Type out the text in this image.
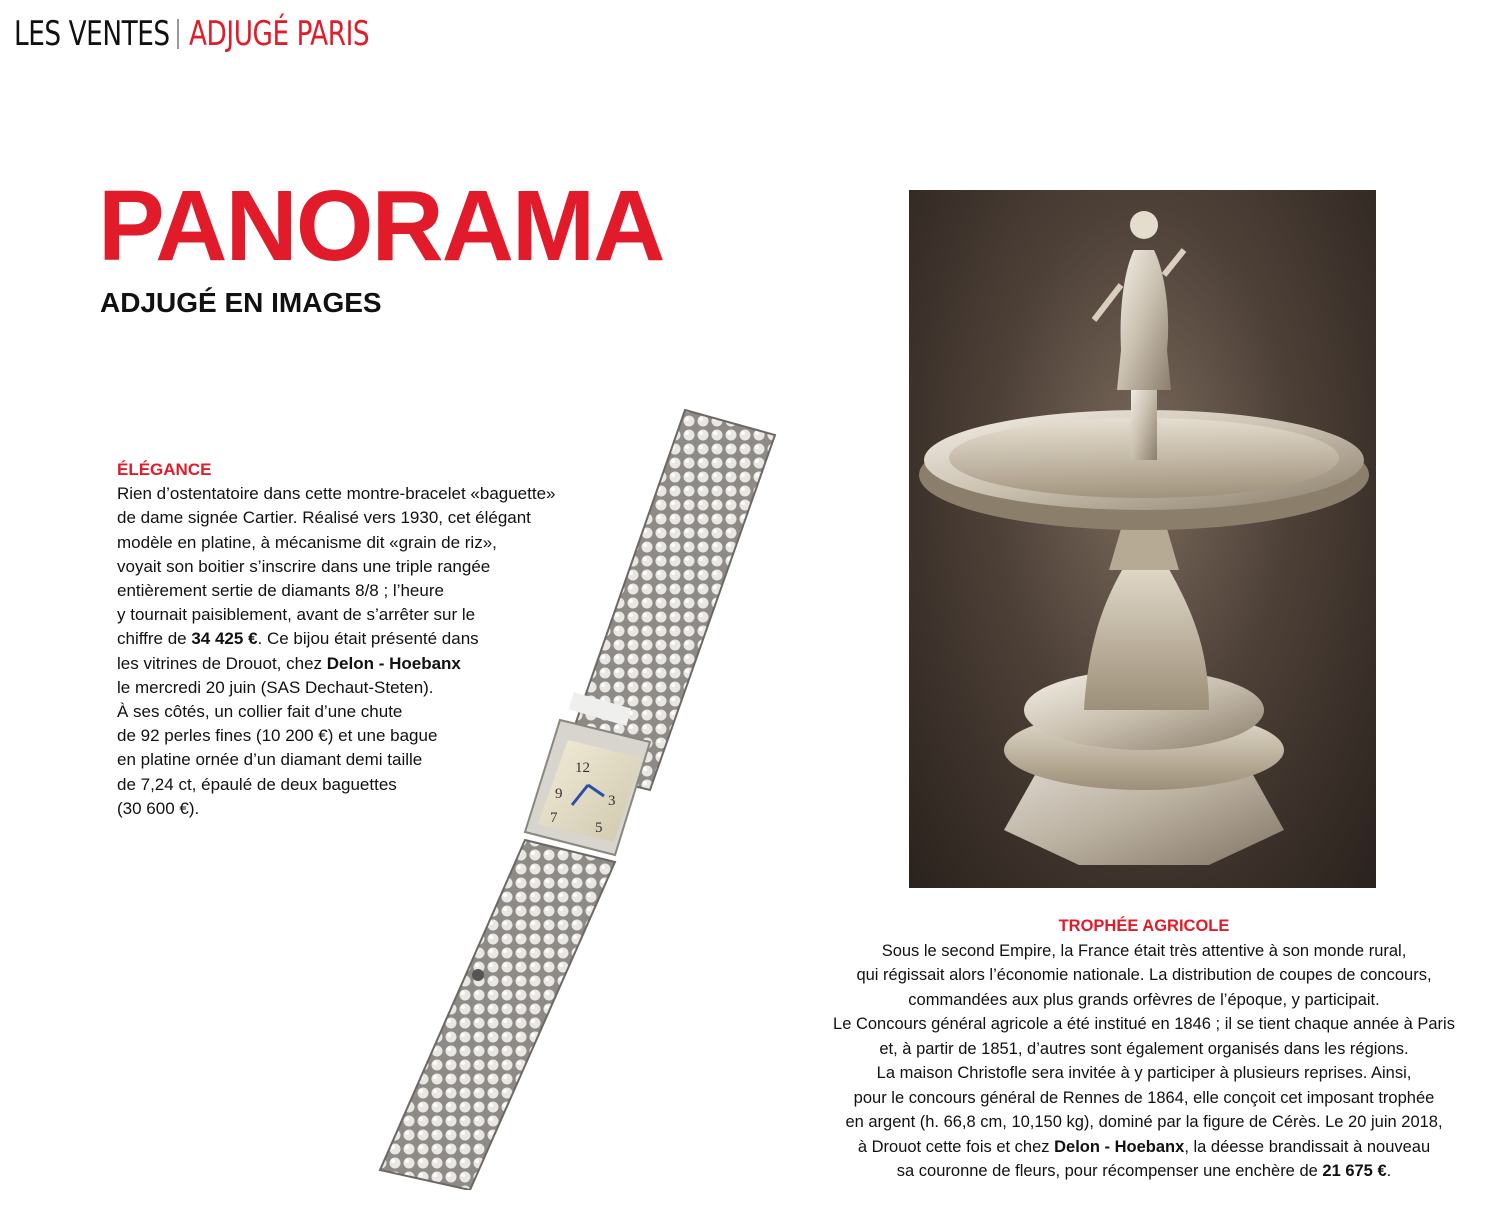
LES VENTES ADJUGÉ PARIS
PANORAMA
ADJUGÉ EN IMAGES
12
9	3
7
5
ÉLÉGANCE
Rien d’ostentatoire dans cette montre-bracelet «baguette»
de dame signée Cartier. Réalisé vers 1930, cet élégant
modèle en platine, à mécanisme dit «grain de riz»,
voyait son boitier s’inscrire dans une triple rangée
entièrement sertie de diamants 8/8 ; l’heure
y tournait paisiblement, avant de s’arrêter sur le
chiffre de 34 425 €. Ce bijou était présenté dans
les vitrines de Drouot, chez Delon - Hoebanx
le mercredi 20 juin (SAS Dechaut-Steten).
À ses côtés, un collier fait d’une chute
de 92 perles fines (10 200 €) et une bague
en platine ornée d’un diamant demi taille
de 7,24 ct, épaulé de deux baguettes
(30 600 €).
TROPHÉE AGRICOLE
Sous le second Empire, la France était très attentive à son monde rural,
qui régissait alors l’économie nationale. La distribution de coupes de concours,
commandées aux plus grands orfèvres de l’époque, y participait.
Le Concours général agricole a été institué en 1846 ; il se tient chaque année à Paris
et, à partir de 1851, d’autres sont également organisés dans les régions.
La maison Christofle sera invitée à y participer à plusieurs reprises. Ainsi,
pour le concours général de Rennes de 1864, elle conçoit cet imposant trophée
en argent (h. 66,8 cm, 10,150 kg), dominé par la figure de Cérès. Le 20 juin 2018,
à Drouot cette fois et chez Delon - Hoebanx, la déesse brandissait à nouveau
sa couronne de fleurs, pour récompenser une enchère de 21 675 €.
